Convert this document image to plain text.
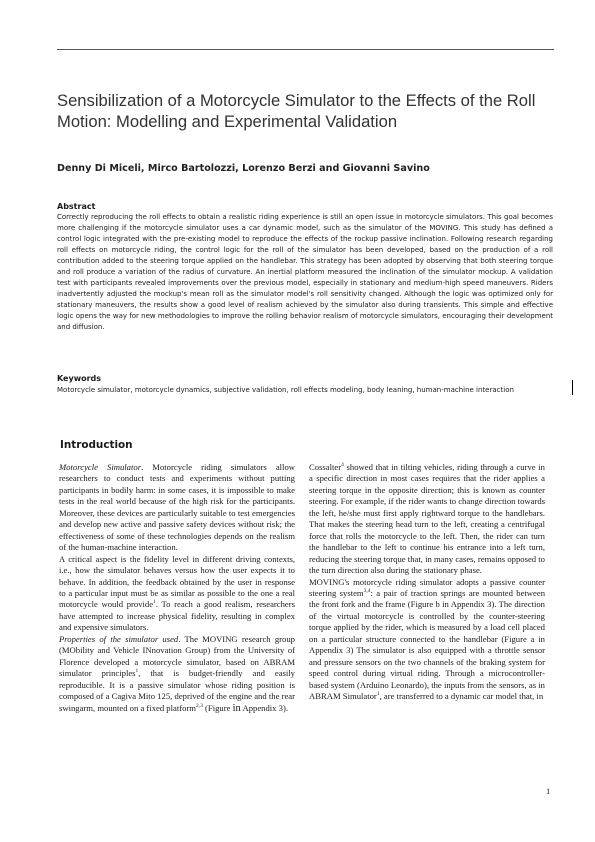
Sensibilization of a Motorcycle Simulator to the Effects of the Roll Motion: Modelling and Experimental Validation

Denny Di Miceli, Mirco Bartolozzi, Lorenzo Berzi and Giovanni Savino

Abstract

Correctly reproducing the roll effects to obtain a realistic riding experience is still an open issue in motorcycle simulators. This goal becomes more challenging if the motorcycle simulator uses a car dynamic model, such as the simulator of the MOVING. This study has defined a control logic integrated with the pre-existing model to reproduce the effects of the rockup passive inclination. Following research regarding roll effects on motorcycle riding, the control logic for the roll of the simulator has been developed, based on the production of a roll contribution added to the steering torque applied on the handlebar. This strategy has been adopted by observing that both steering torque and roll produce a variation of the radius of curvature. An inertial platform measured the inclination of the simulator mockup. A validation test with participants revealed improvements over the previous model, especially in stationary and medium-high speed maneuvers. Riders inadvertently adjusted the mockup's mean roll as the simulator model's roll sensitivity changed. Although the logic was optimized only for stationary maneuvers, the results show a good level of realism achieved by the simulator also during transients. This simple and effective logic opens the way for new methodologies to improve the rolling behavior realism of motorcycle simulators, encouraging their development and diffusion.

Keywords

Motorcycle simulator, motorcycle dynamics, subjective validation, roll effects modeling, body leaning, human-machine interaction

Introduction

Motorcycle Simulator. Motorcycle riding simulators allow researchers to conduct tests and experiments without putting participants in bodily harm: in some cases, it is impossible to make tests in the real world because of the high risk for the participants. Moreover, these devices are particularly suitable to test emergencies and develop new active and passive safety devices without risk; the effectiveness of some of these technologies depends on the realism of the human-machine interaction.

A critical aspect is the fidelity level in different driving contexts, i.e., how the simulator behaves versus how the user expects it to behave. In addition, the feedback obtained by the user in response to a particular input must be as similar as possible to the one a real motorcycle would provide$^1$. To reach a good realism, researchers have attempted to increase physical fidelity, resulting in complex and expensive simulators.

Properties of the simulator used. The MOVING research group (MObility and Vehicle INnovation Group) from the University of Florence developed a motorcycle simulator, based on ABRAM simulator principles$^1$, that is budget-friendly and easily reproducible. It is a passive simulator whose riding position is composed of a Cagiva Mito 125, deprived of the engine and the rear swingarm, mounted on a fixed platform$^{2,3}$ (Figure in Appendix 3).

Cossalter$^4$ showed that in tilting vehicles, riding through a curve in a specific direction in most cases requires that the rider applies a steering torque in the opposite direction; this is known as counter steering. For example, if the rider wants to change direction towards the left, he/she must first apply rightward torque to the handlebars. That makes the steering head turn to the left, creating a centrifugal force that rolls the motorcycle to the left. Then, the rider can turn the handlebar to the left to continue his entrance into a left turn, reducing the steering torque that, in many cases, remains opposed to the turn direction also during the stationary phase.

MOVING's motorcycle riding simulator adopts a passive counter steering system$^{3,4}$: a pair of traction springs are mounted between the front fork and the frame (Figure b in Appendix 3). The direction of the virtual motorcycle is controlled by the counter-steering torque applied by the rider, which is measured by a load cell placed on a particular structure connected to the handlebar (Figure a in Appendix 3) The simulator is also equipped with a throttle sensor and pressure sensors on the two channels of the braking system for speed control during virtual riding. Through a microcontroller-based system (Arduino Leonardo), the inputs from the sensors, as in ABRAM Simulator$^1$, are transferred to a dynamic car model that, in

1
